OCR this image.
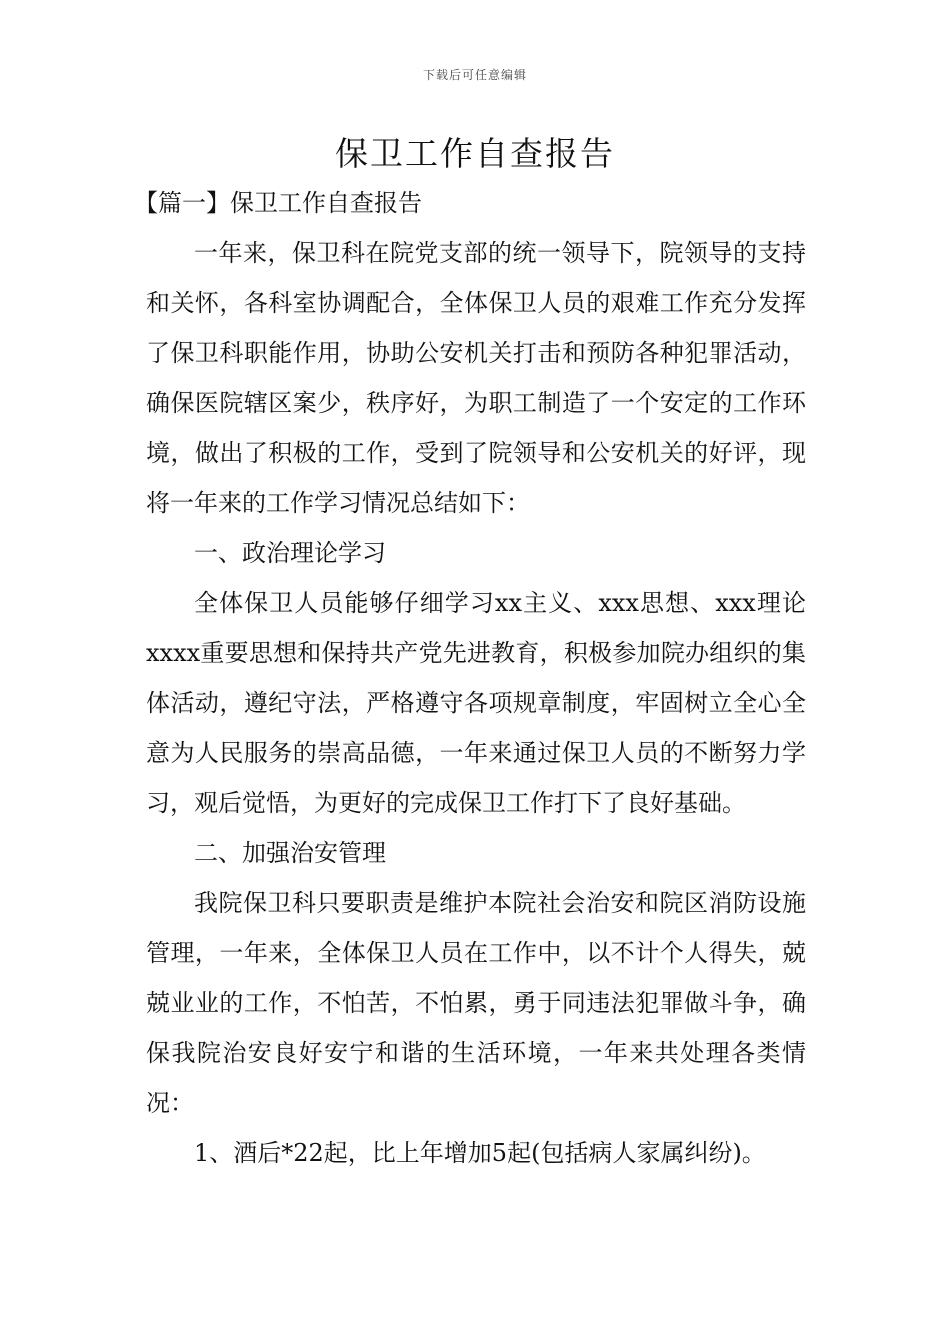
下载后可任意编辑
保卫工作自查报告

【篇一】保卫工作自查报告

一年来，保卫科在院党支部的统一领导下，院领导的支持和关怀，各科室协调配合，全体保卫人员的艰难工作充分发挥了保卫科职能作用，协助公安机关打击和预防各种犯罪活动，确保医院辖区案少，秩序好，为职工制造了一个安定的工作环境，做出了积极的工作，受到了院领导和公安机关的好评，现将一年来的工作学习情况总结如下：

一、政治理论学习

全体保卫人员能够仔细学习xx主义、xxx思想、xxx理论xxxx重要思想和保持共产党先进教育，积极参加院办组织的集体活动，遵纪守法，严格遵守各项规章制度，牢固树立全心全意为人民服务的崇高品德，一年来通过保卫人员的不断努力学习，观后觉悟，为更好的完成保卫工作打下了良好基础。

二、加强治安管理

我院保卫科只要职责是维护本院社会治安和院区消防设施管理，一年来，全体保卫人员在工作中，以不计个人得失，兢兢业业的工作，不怕苦，不怕累，勇于同违法犯罪做斗争，确保我院治安良好安宁和谐的生活环境，一年来共处理各类情况：

1、酒后*22起，比上年增加5起(包括病人家属纠纷)。
